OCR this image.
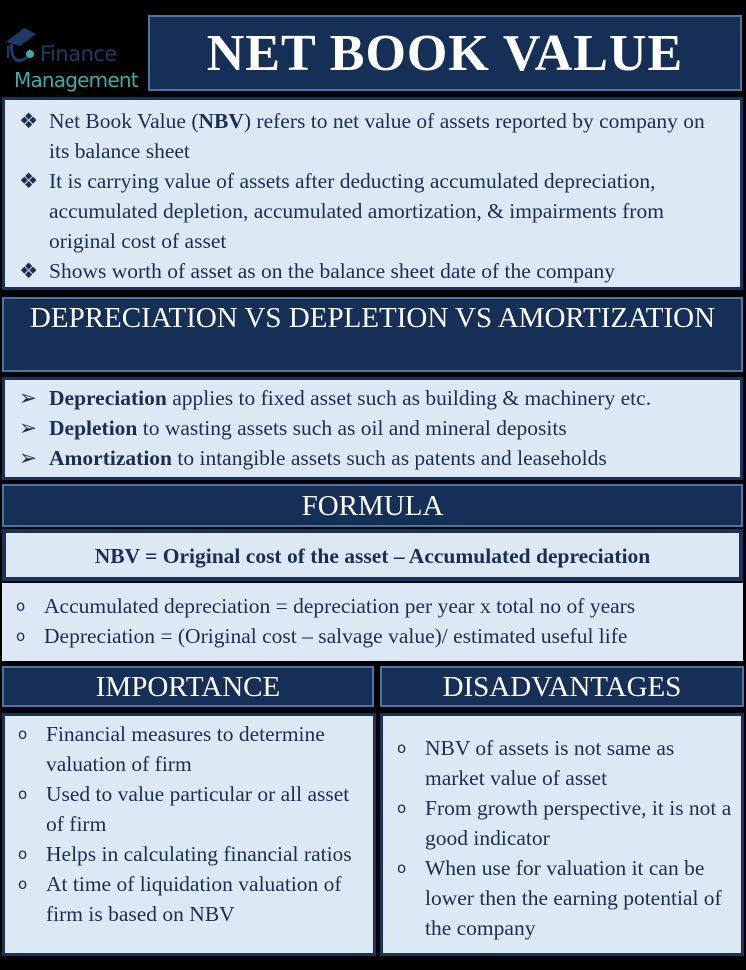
Finance
Management	NET BOOK VALUE
❖ Net Book Value (NBV) refers to net value of assets reported by company on its balance sheet
❖ It is carrying value of assets after deducting accumulated depreciation, accumulated depletion, accumulated amortization, & impairments from original cost of asset
❖ Shows worth of asset as on the balance sheet date of the company
DEPRECIATION VS DEPLETION VS AMORTIZATION
➢ Depreciation applies to fixed asset such as building & machinery etc.
➢ Depletion to wasting assets such as oil and mineral deposits
➢ Amortization to intangible assets such as patents and leaseholds
FORMULA
NBV = Original cost of the asset – Accumulated depreciation
o Accumulated depreciation = depreciation per year x total no of years
o Depreciation = (Original cost – salvage value)/ estimated useful life
IMPORTANCE	DISADVANTAGES
o Financial measures to determine valuation of firm
o Used to value particular or all asset of firm
o Helps in calculating financial ratios
o At time of liquidation valuation of firm is based on NBV
o NBV of assets is not same as market value of asset
o From growth perspective, it is not a good indicator
o When use for valuation it can be lower then the earning potential of the company
